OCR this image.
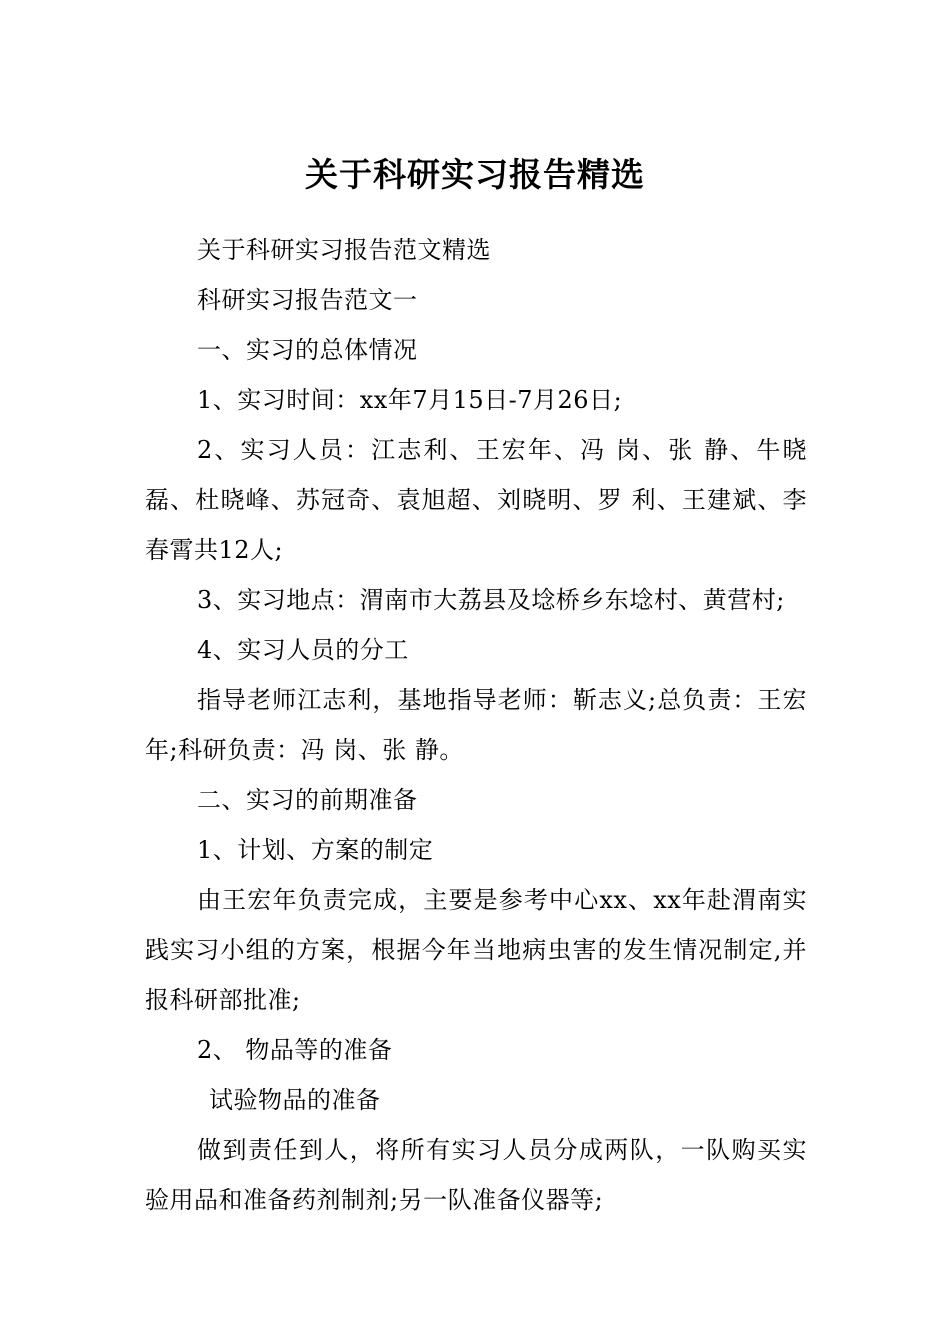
关于科研实习报告精选

关于科研实习报告范文精选

科研实习报告范文一

一、实习的总体情况

1、实习时间：xx年7月15日-7月26日;

2、实习人员：江志利、王宏年、冯 岗、张 静、牛晓磊、杜晓峰、苏冠奇、袁旭超、刘晓明、罗 利、王建斌、李春霄共12人;

3、实习地点：渭南市大荔县及埝桥乡东埝村、黄营村;

4、实习人员的分工

指导老师江志利，基地指导老师：靳志义;总负责：王宏年;科研负责：冯 岗、张 静。

二、实习的前期准备

1、计划、方案的制定

由王宏年负责完成，主要是参考中心xx、xx年赴渭南实践实习小组的方案，根据今年当地病虫害的发生情况制定,并报科研部批准;

2、 物品等的准备

试验物品的准备

做到责任到人，将所有实习人员分成两队，一队购买实验用品和准备药剂制剂;另一队准备仪器等;
